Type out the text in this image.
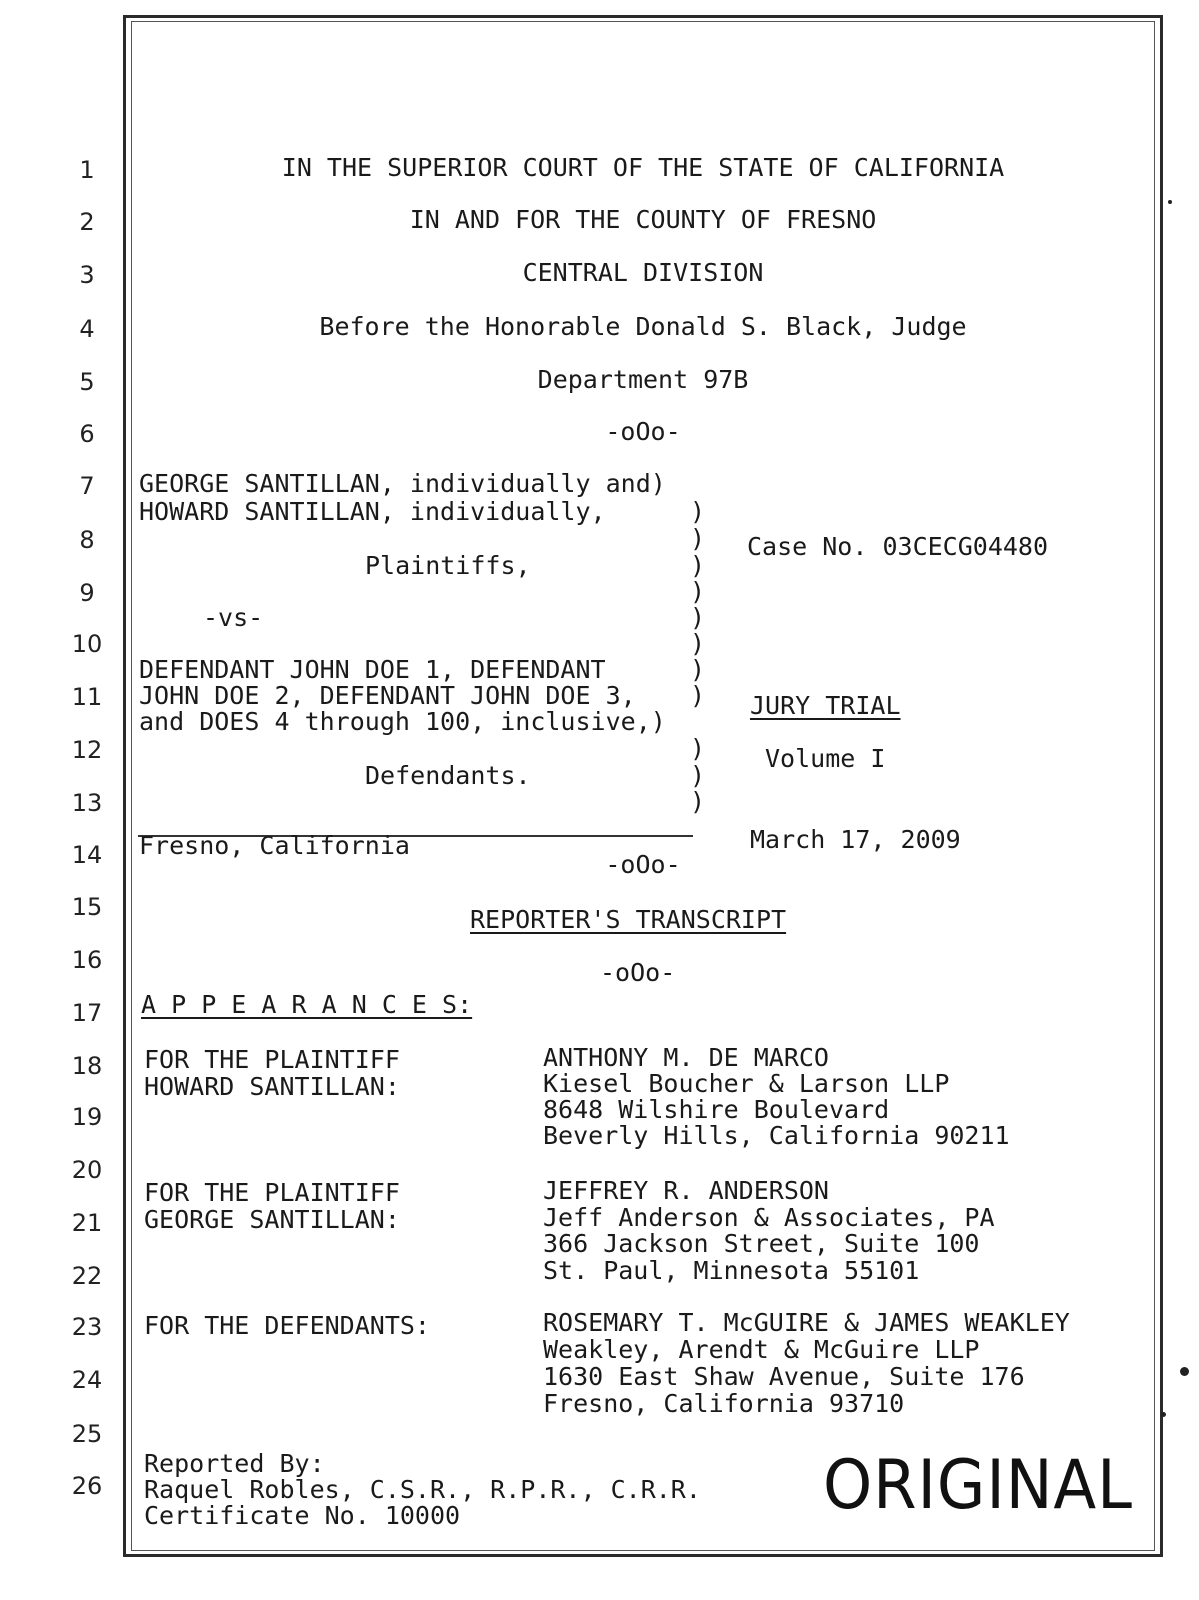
1
2
3
4
5
6
7
8
9
10
11
12
13
14
15
16
17
18
19
20
21
22
23
24
25
26
IN THE SUPERIOR COURT OF THE STATE OF CALIFORNIA
IN AND FOR THE COUNTY OF FRESNO
CENTRAL DIVISION
Before the Honorable Donald S. Black, Judge
Department 97B
-oOo-
GEORGE SANTILLAN, individually and)
HOWARD SANTILLAN, individually,
Plaintiffs,
-vs-
DEFENDANT JOHN DOE 1, DEFENDANT
JOHN DOE 2, DEFENDANT JOHN DOE 3,
and DOES 4 through 100, inclusive,)
Defendants.
)
)
)
)
)
)
)
)
)
)
)
Fresno, California
Case No. 03CECG04480
JURY TRIAL
Volume I
March 17, 2009
-oOo-
REPORTER'S TRANSCRIPT
-oOo-
A P P E A R A N C E S:
FOR THE PLAINTIFF
HOWARD SANTILLAN:
ANTHONY M. DE MARCO
Kiesel Boucher & Larson LLP
8648 Wilshire Boulevard
Beverly Hills, California 90211
FOR THE PLAINTIFF
GEORGE SANTILLAN:
JEFFREY R. ANDERSON
Jeff Anderson & Associates, PA
366 Jackson Street, Suite 100
St. Paul, Minnesota 55101
FOR THE DEFENDANTS:	ROSEMARY T. McGUIRE & JAMES WEAKLEY
Weakley, Arendt & McGuire LLP
1630 East Shaw Avenue, Suite 176
Fresno, California 93710
Reported By:
Raquel Robles, C.S.R., R.P.R., C.R.R.
Certificate No. 10000	ORIGINAL
